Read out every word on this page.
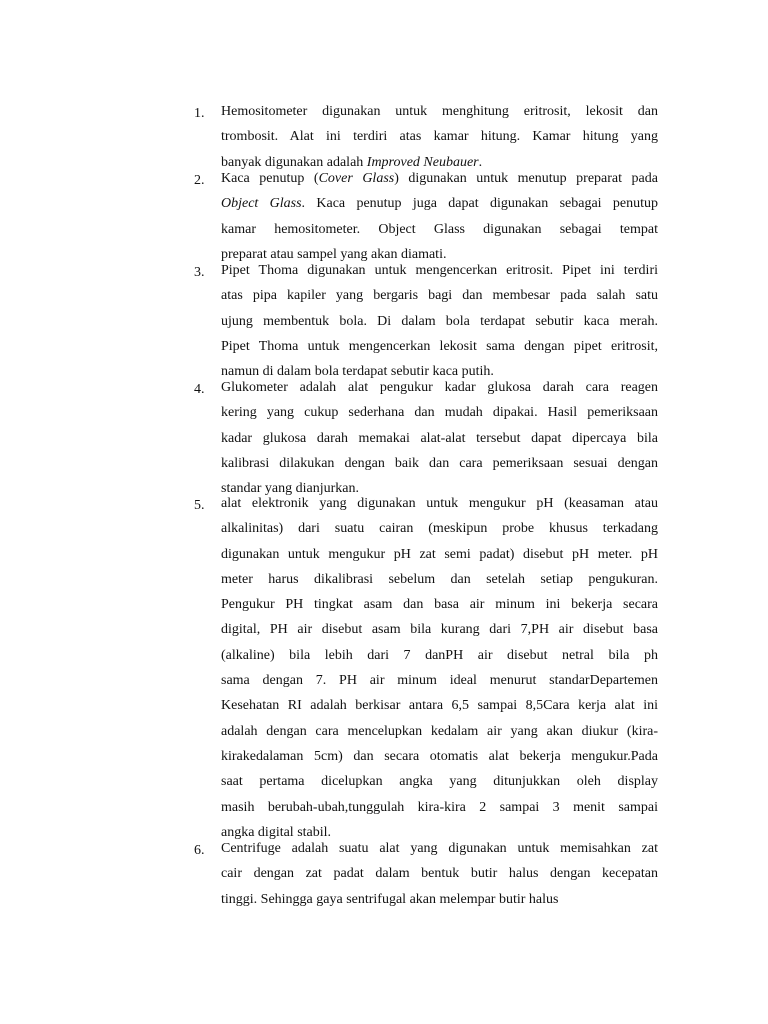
1. Hemositometer digunakan untuk menghitung eritrosit, lekosit dan
trombosit. Alat ini terdiri atas kamar hitung. Kamar hitung yang
banyak digunakan adalah Improved Neubauer.
2. Kaca penutup (Cover Glass) digunakan untuk menutup preparat pada
Object Glass. Kaca penutup juga dapat digunakan sebagai penutup
kamar hemositometer. Object Glass digunakan sebagai tempat
preparat atau sampel yang akan diamati.
3. Pipet Thoma digunakan untuk mengencerkan eritrosit. Pipet ini terdiri
atas pipa kapiler yang bergaris bagi dan membesar pada salah satu
ujung membentuk bola. Di dalam bola terdapat sebutir kaca merah.
Pipet Thoma untuk mengencerkan lekosit sama dengan pipet eritrosit,
namun di dalam bola terdapat sebutir kaca putih.
4. Glukometer adalah alat pengukur kadar glukosa darah cara reagen
kering yang cukup sederhana dan mudah dipakai. Hasil pemeriksaan
kadar glukosa darah memakai alat-alat tersebut dapat dipercaya bila
kalibrasi dilakukan dengan baik dan cara pemeriksaan sesuai dengan
standar yang dianjurkan.
5. alat elektronik yang digunakan untuk mengukur pH (keasaman atau
alkalinitas) dari suatu cairan (meskipun probe khusus terkadang
digunakan untuk mengukur pH zat semi padat) disebut pH meter. pH
meter harus dikalibrasi sebelum dan setelah setiap pengukuran.
Pengukur PH tingkat asam dan basa air minum ini bekerja secara
digital, PH air disebut asam bila kurang dari 7,PH air disebut basa
(alkaline) bila lebih dari 7 danPH air disebut netral bila ph
sama dengan 7. PH air minum ideal menurut standarDepartemen
Kesehatan RI adalah berkisar antara 6,5 sampai 8,5Cara kerja alat ini
adalah dengan cara mencelupkan kedalam air yang akan diukur (kira-
kirakedalaman 5cm) dan secara otomatis alat bekerja mengukur.Pada
saat pertama dicelupkan angka yang ditunjukkan oleh display
masih berubah-ubah,tunggulah kira-kira 2 sampai 3 menit sampai
angka digital stabil.
6. Centrifuge adalah suatu alat yang digunakan untuk memisahkan zat
cair dengan zat padat dalam bentuk butir halus dengan kecepatan
tinggi. Sehingga gaya sentrifugal akan melempar butir halus
